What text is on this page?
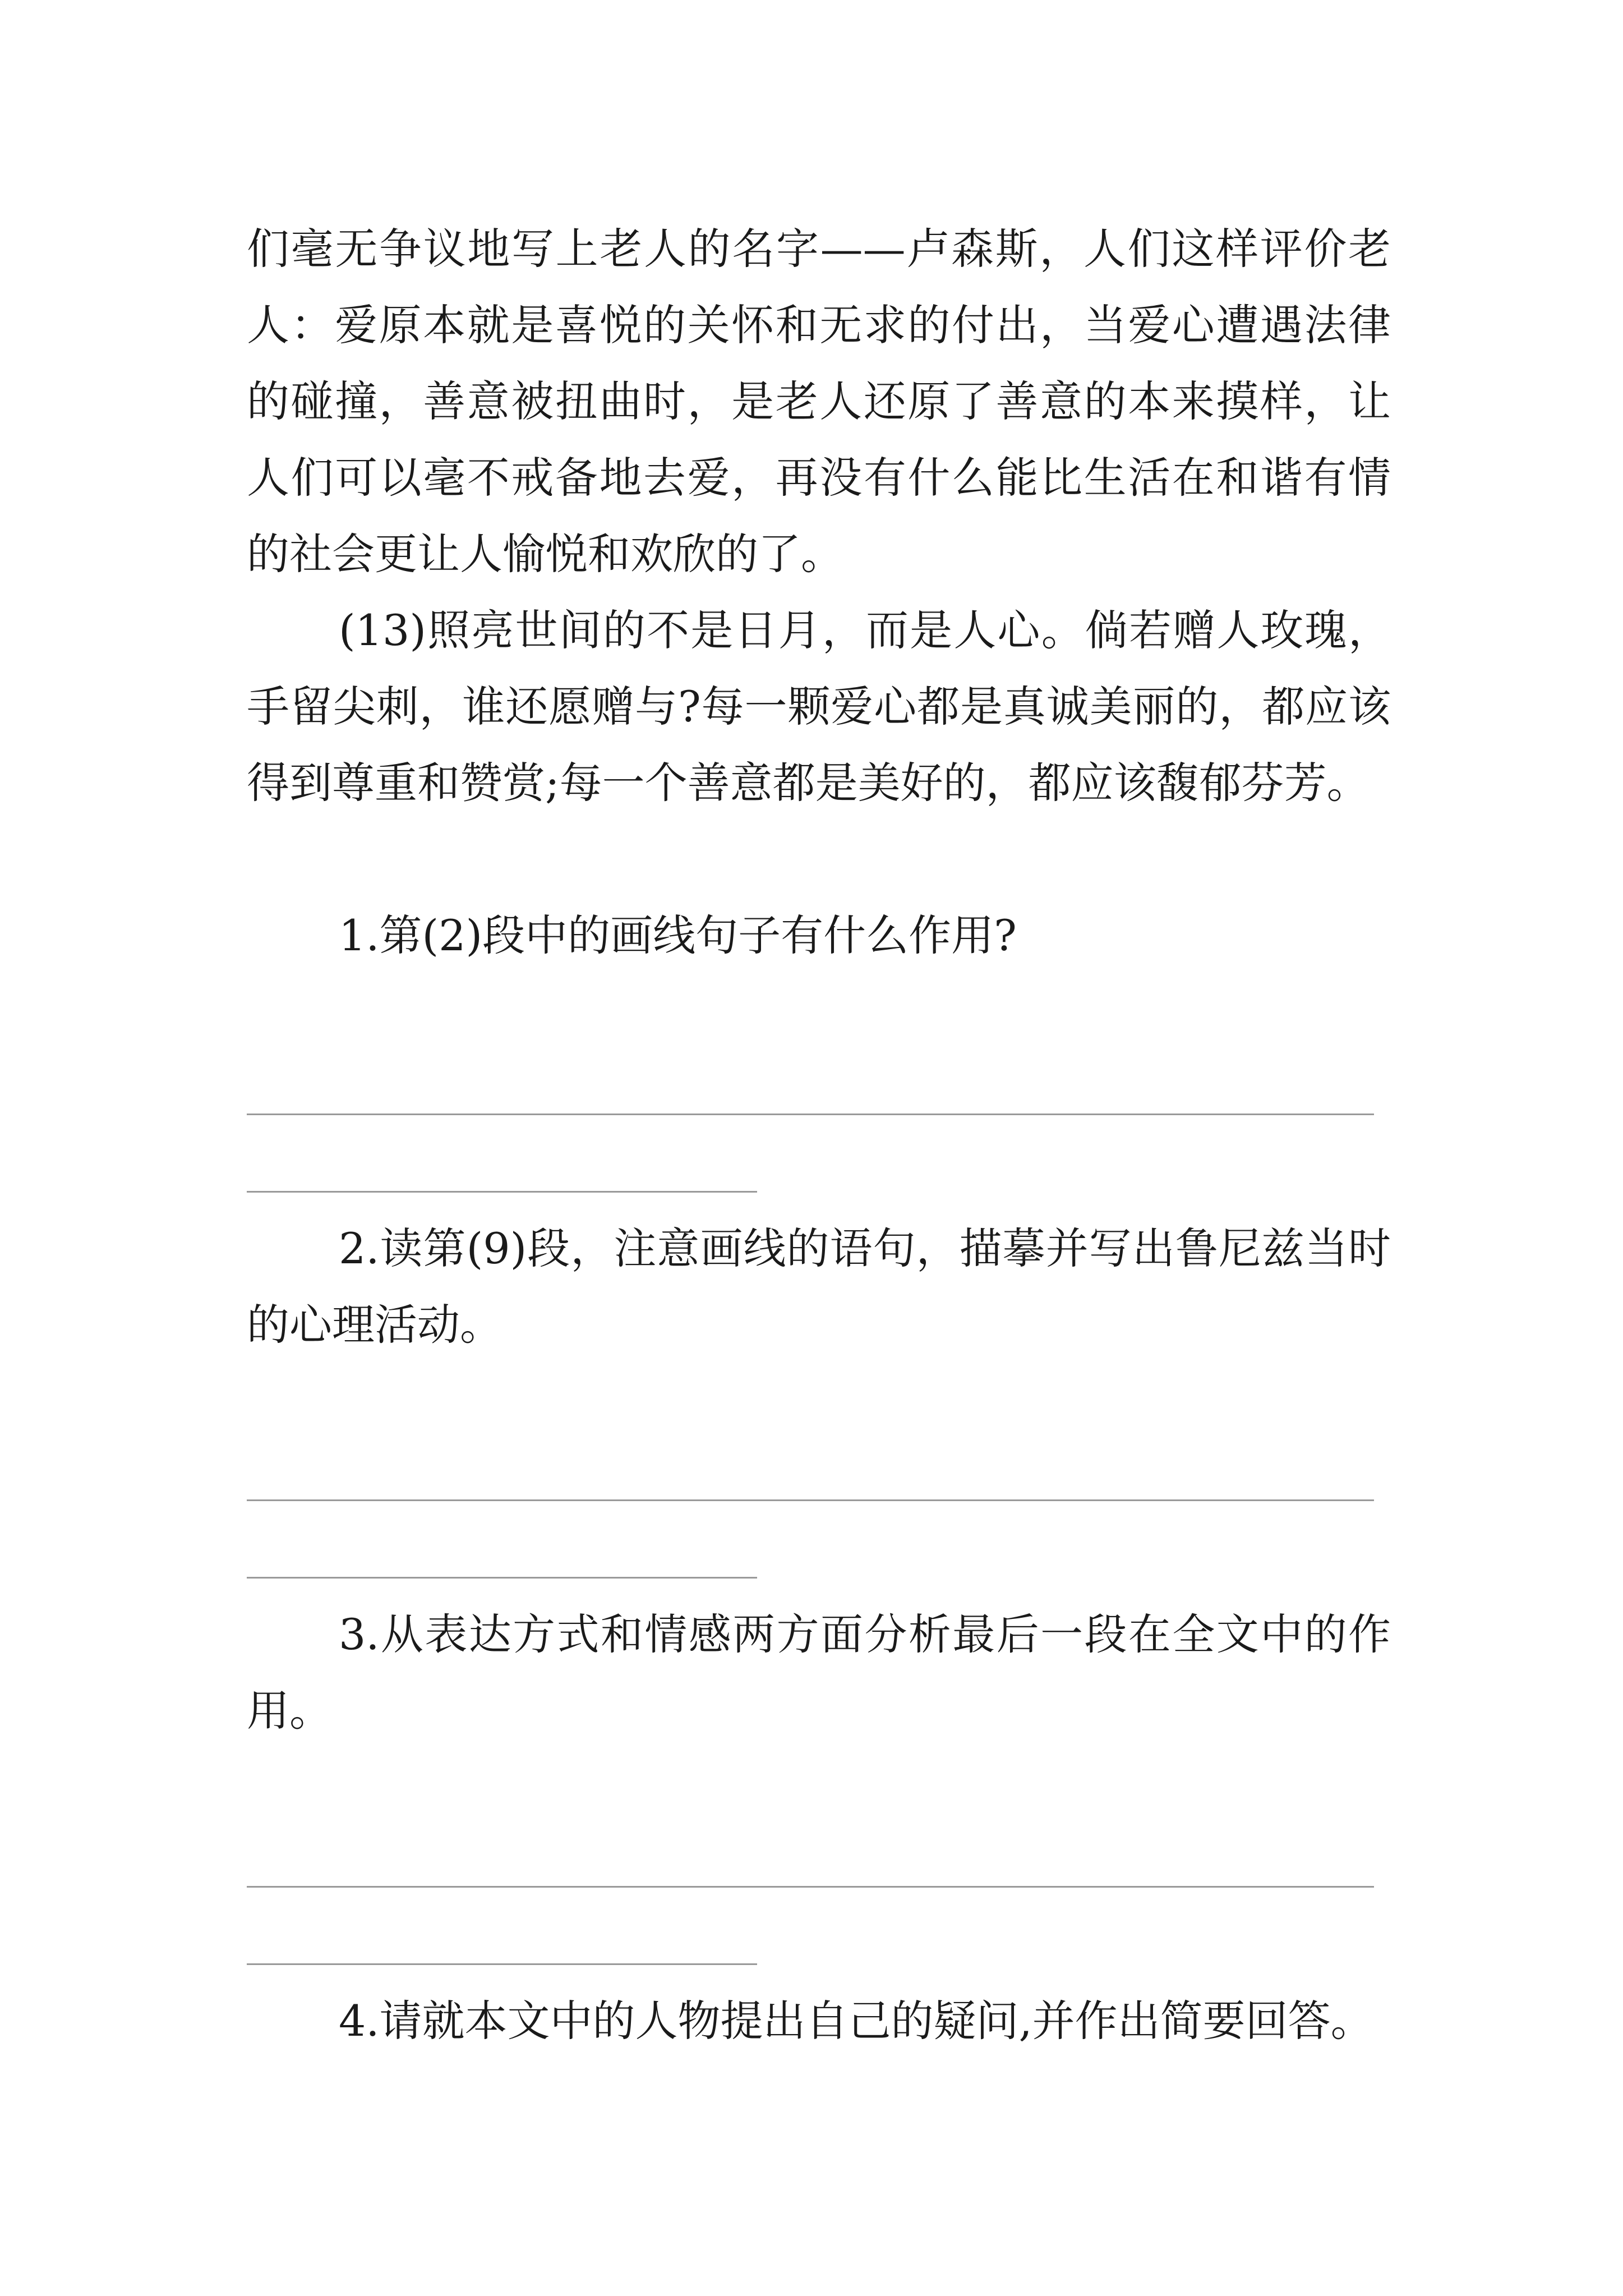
们毫无争议地写上老人的名字——卢森斯，人们这样评价老人：爱原本就是喜悦的关怀和无求的付出，当爱心遭遇法律的碰撞，善意被扭曲时，是老人还原了善意的本来摸样，让人们可以毫不戒备地去爱，再没有什么能比生活在和谐有情的社会更让人愉悦和欢欣的了。

(13)照亮世间的不是日月，而是人心。倘若赠人玫瑰，手留尖刺，谁还愿赠与?每一颗爱心都是真诚美丽的，都应该得到尊重和赞赏;每一个善意都是美好的，都应该馥郁芬芳。

1.第(2)段中的画线句子有什么作用?

2.读第(9)段，注意画线的语句，描摹并写出鲁尼兹当时的心理活动。

3.从表达方式和情感两方面分析最后一段在全文中的作用。

4.请就本文中的人物提出自己的疑问,并作出简要回答。
